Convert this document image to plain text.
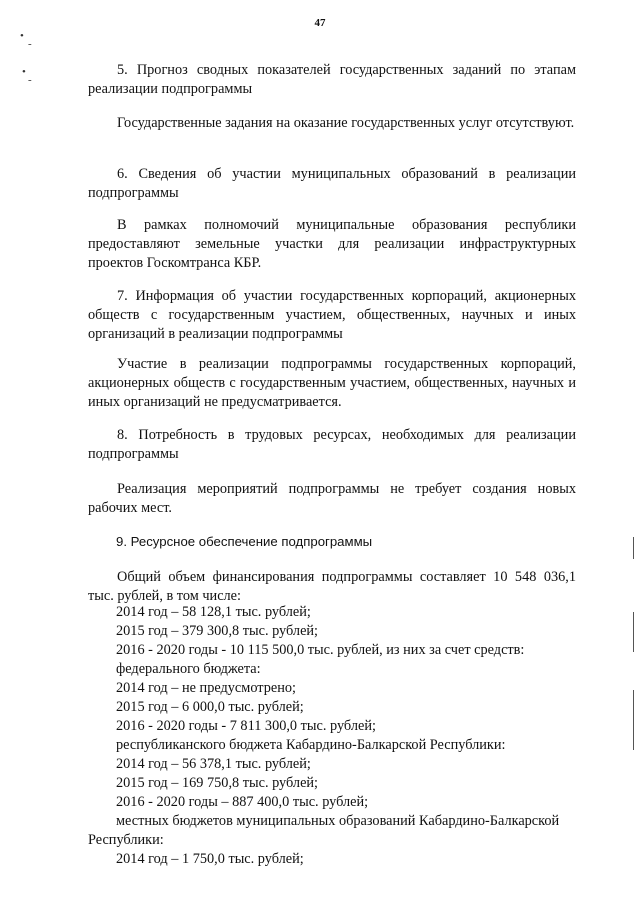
47
•
-
•
-
5. Прогноз сводных показателей государственных заданий по этапам реализации подпрограммы
Государственные задания на оказание государственных услуг отсутствуют.
6. Сведения об участии муниципальных образований в реализации подпрограммы
В рамках полномочий муниципальные образования республики предоставляют земельные участки для реализации инфраструктурных проектов Госкомтранса КБР.
7. Информация об участии государственных корпораций, акционерных обществ с государственным участием, общественных, научных и иных организаций в реализации подпрограммы
Участие в реализации подпрограммы государственных корпораций, акционерных обществ с государственным участием, общественных, научных и иных организаций не предусматривается.
8. Потребность в трудовых ресурсах, необходимых для реализации подпрограммы
Реализация мероприятий подпрограммы не требует создания новых рабочих мест.
9. Ресурсное обеспечение подпрограммы
Общий объем финансирования подпрограммы составляет 10 548 036,1 тыс. рублей, в том числе:
2014 год – 58 128,1 тыс. рублей;
2015 год – 379 300,8 тыс. рублей;
2016 - 2020 годы - 10 115 500,0 тыс. рублей, из них за счет средств:
федерального бюджета:
2014 год – не предусмотрено;
2015 год – 6 000,0 тыс. рублей;
2016 - 2020 годы - 7 811 300,0 тыс. рублей;
республиканского бюджета Кабардино-Балкарской Республики:
2014 год – 56 378,1 тыс. рублей;
2015 год – 169 750,8 тыс. рублей;
2016 - 2020 годы – 887 400,0 тыс. рублей;
местных бюджетов муниципальных образований Кабардино-Балкарской
Республики:
2014 год – 1 750,0 тыс. рублей;
